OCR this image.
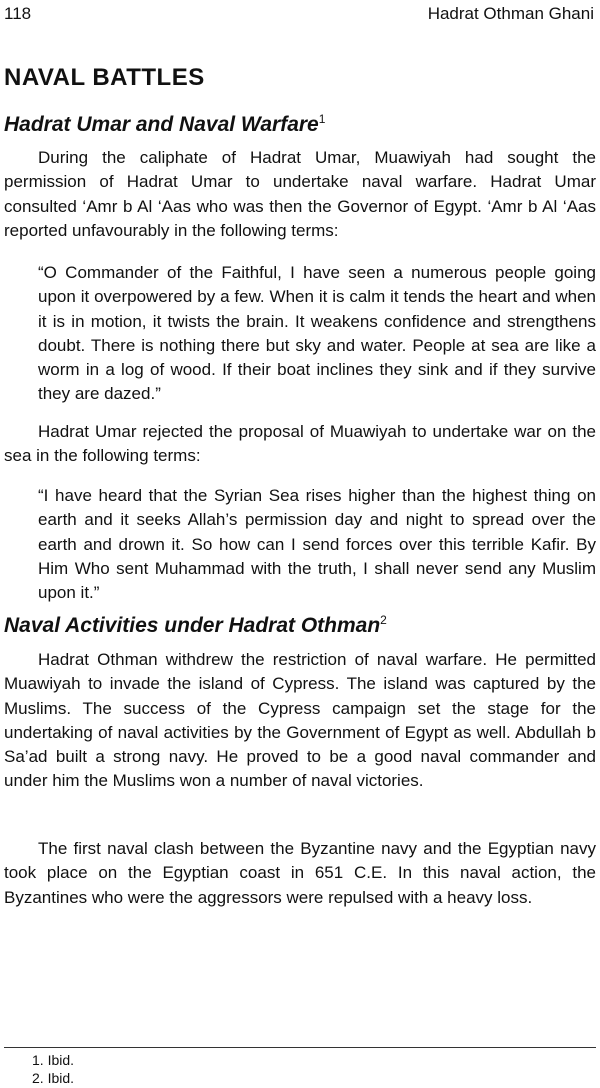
118	Hadrat Othman Ghani
NAVAL BATTLES
Hadrat Umar and Naval Warfare$^1$

During the caliphate of Hadrat Umar, Muawiyah had sought the permission of Hadrat Umar to undertake naval warfare. Hadrat Umar consulted ‘Amr b Al ‘Aas who was then the Governor of Egypt. ‘Amr b Al ‘Aas reported unfavourably in the following terms:

“O Commander of the Faithful, I have seen a numerous people going upon it overpowered by a few. When it is calm it tends the heart and when it is in motion, it twists the brain. It weakens confidence and strengthens doubt. There is nothing there but sky and water. People at sea are like a worm in a log of wood. If their boat inclines they sink and if they survive they are dazed.”

Hadrat Umar rejected the proposal of Muawiyah to undertake war on the sea in the following terms:

“I have heard that the Syrian Sea rises higher than the highest thing on earth and it seeks Allah’s permission day and night to spread over the earth and drown it. So how can I send forces over this terrible Kafir. By Him Who sent Muhammad with the truth, I shall never send any Muslim upon it.”

Naval Activities under Hadrat Othman$^2$

Hadrat Othman withdrew the restriction of naval warfare. He permitted Muawiyah to invade the island of Cypress. The island was captured by the Muslims. The success of the Cypress campaign set the stage for the undertaking of naval activities by the Government of Egypt as well. Abdullah b Sa’ad built a strong navy. He proved to be a good naval commander and under him the Muslims won a number of naval victories.

The first naval clash between the Byzantine navy and the Egyptian navy took place on the Egyptian coast in 651 C.E. In this naval action, the Byzantines who were the aggressors were repulsed with a heavy loss.

1. Ibid.
2. Ibid.
